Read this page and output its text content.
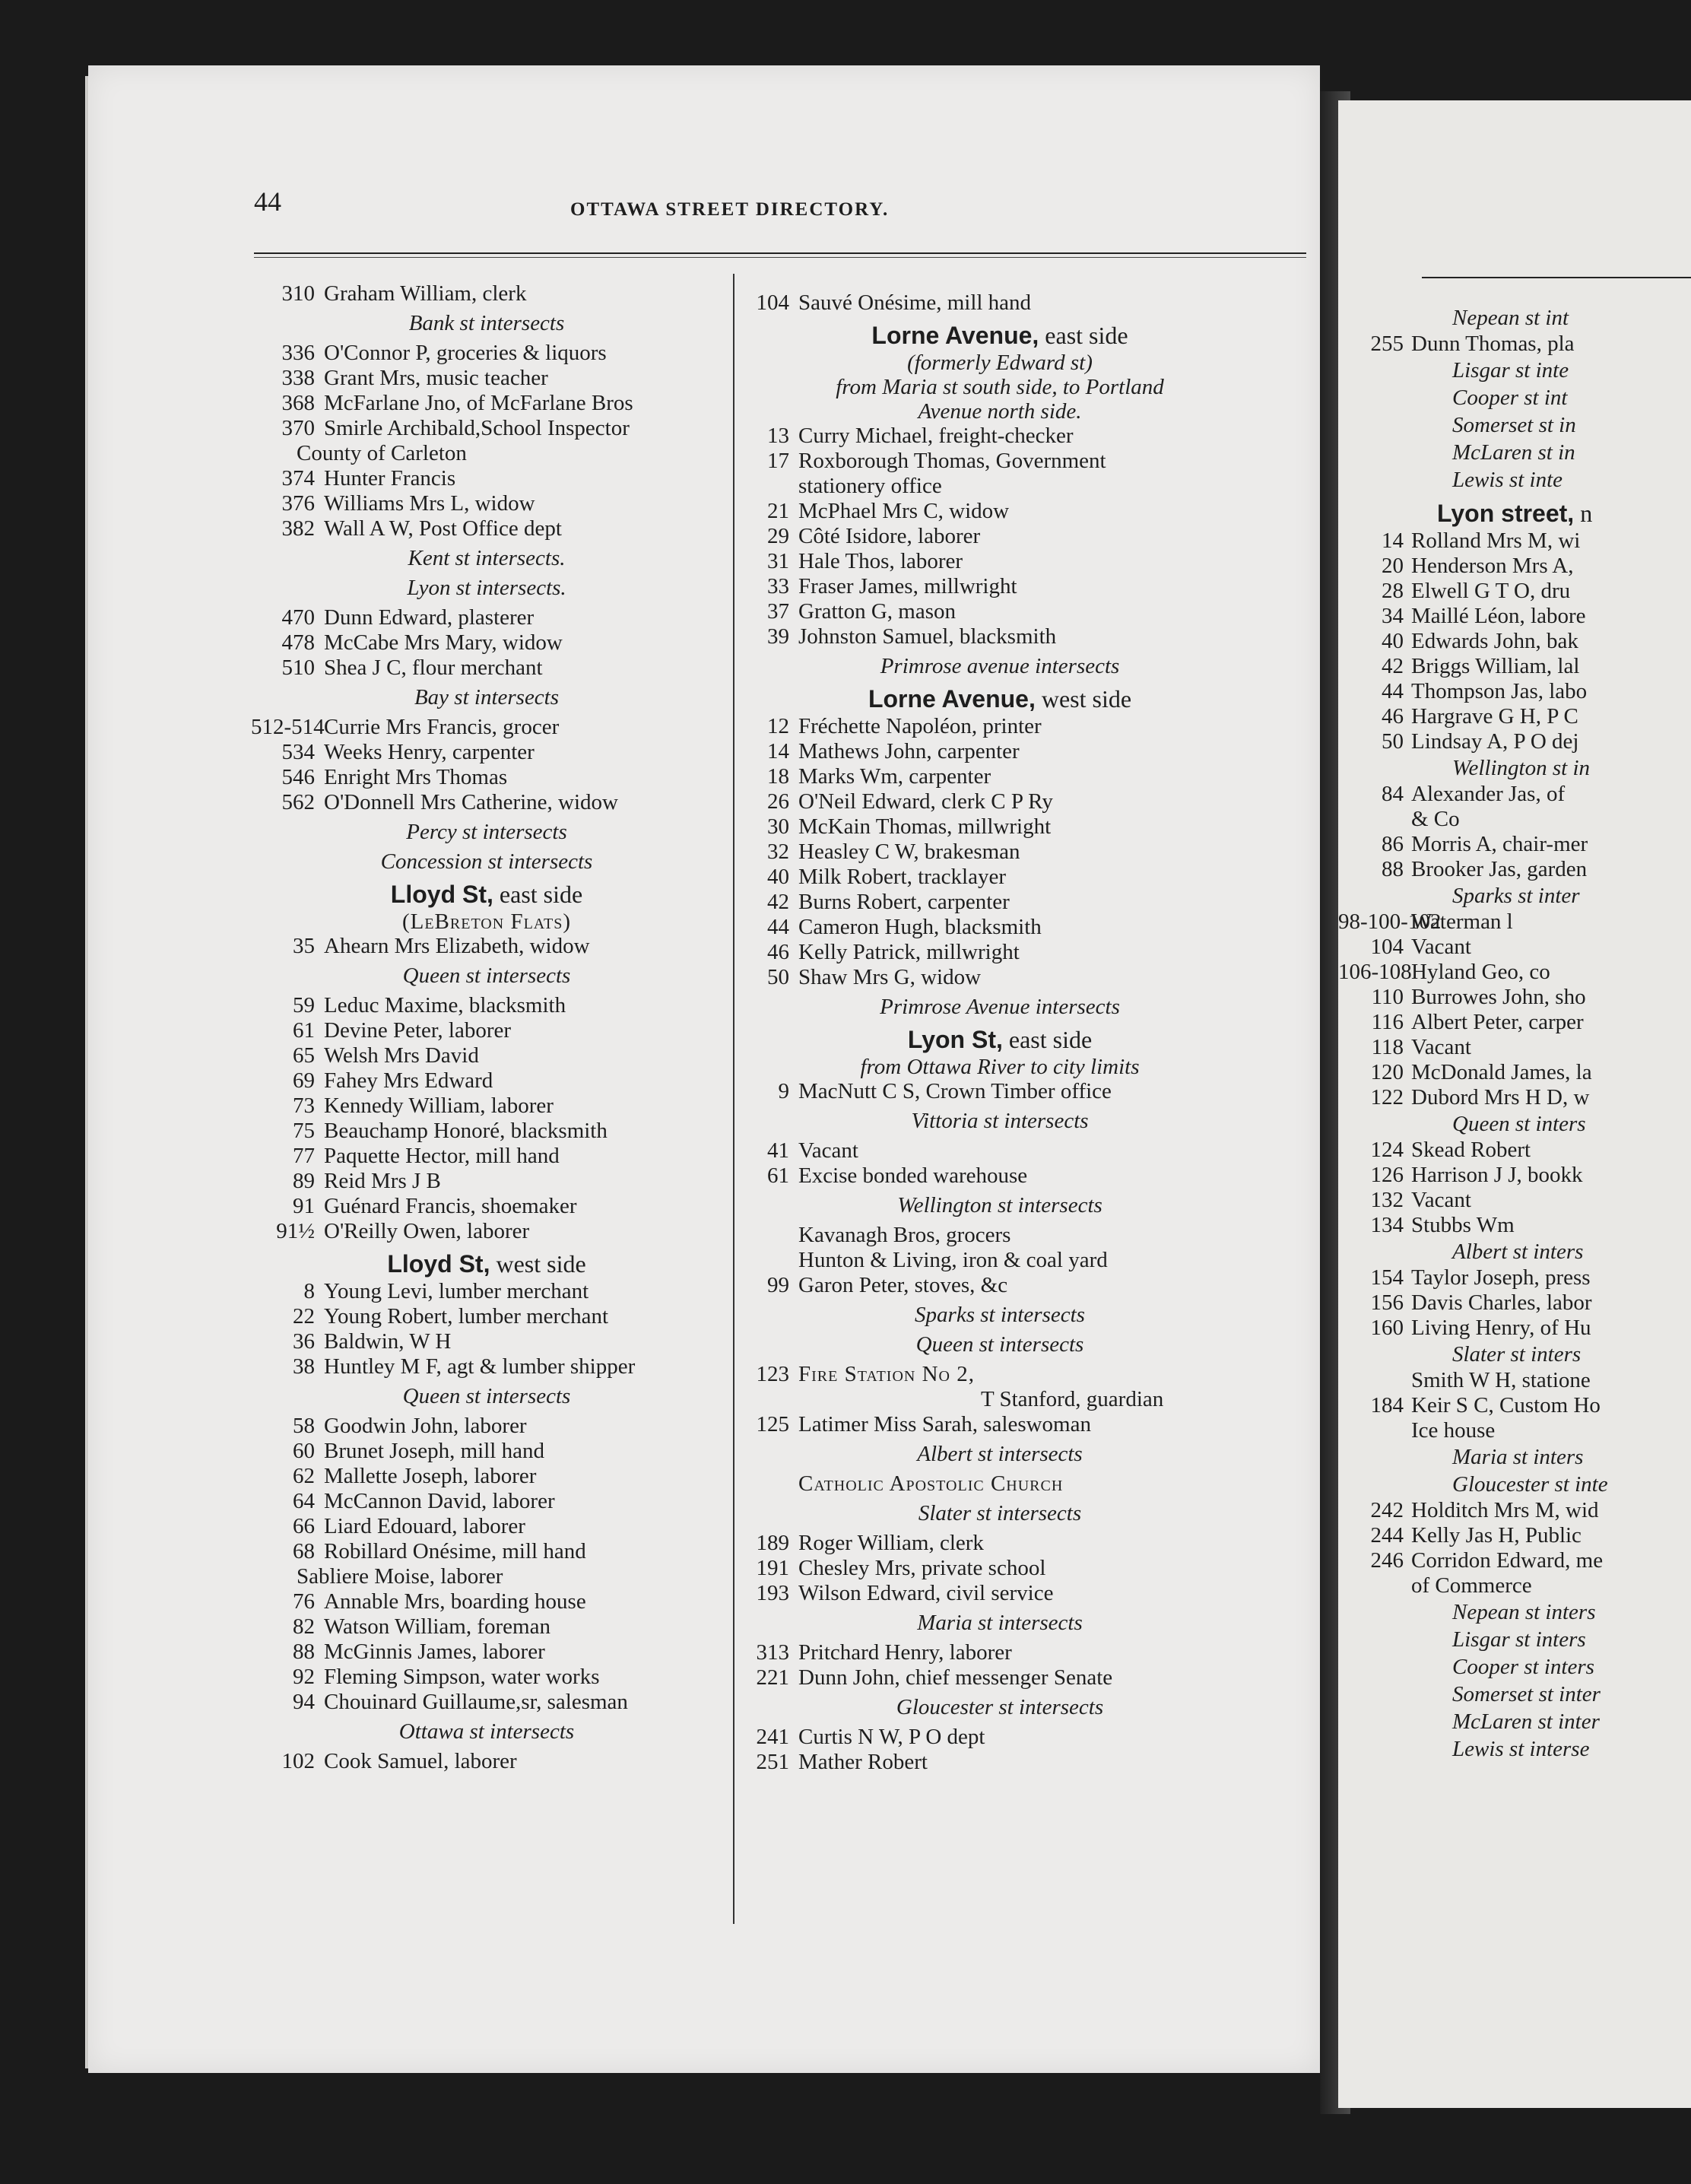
Nepean st int
255 Dunn Thomas, pla
Lisgar st inte
Cooper st int
Somerset st in
McLaren st in
Lewis st inte
Lyon street, n
14 Rolland Mrs M, wi
20 Henderson Mrs A,
28 Elwell G T O, dru
34 Maillé Léon, labore
40 Edwards John, bak
42 Briggs William, lal
44 Thompson Jas, labo
46 Hargrave G H, P C
50 Lindsay A, P O dej
Wellington st in
84 Alexander Jas, of
& Co
86 Morris A, chair-mer
88 Brooker Jas, garden
Sparks st inter
98-100-102Waterman l
104 Vacant
106-108Hyland Geo, co
110 Burrowes John, sho
116 Albert Peter, carper
118 Vacant
120 McDonald James, la
122 Dubord Mrs H D, w
Queen st inters
124 Skead Robert
126 Harrison J J, bookk
132 Vacant
134 Stubbs Wm
Albert st inters
154 Taylor Joseph, press
156 Davis Charles, labor
160 Living Henry, of Hu
Slater st inters
Smith W H, statione
184 Keir S C, Custom Ho
Ice house
Maria st inters
Gloucester st inte
242 Holditch Mrs M, wid
244 Kelly Jas H, Public
246 Corridon Edward, me
of Commerce
Nepean st inters
Lisgar st inters
Cooper st inters
Somerset st inter
McLaren st inter
Lewis st interse
44	OTTAWA STREET DIRECTORY.
310 Graham William, clerk
Bank st intersects
336 O'Connor P, groceries & liquors
338 Grant Mrs, music teacher
368 McFarlane Jno, of McFarlane Bros
370 Smirle Archibald,School Inspector
County of Carleton
374 Hunter Francis
376 Williams Mrs L, widow
382 Wall A W, Post Office dept
Kent st intersects.
Lyon st intersects.
470 Dunn Edward, plasterer
478 McCabe Mrs Mary, widow
510 Shea J C, flour merchant
Bay st intersects
512-514Currie Mrs Francis, grocer
534 Weeks Henry, carpenter
546 Enright Mrs Thomas
562 O'Donnell Mrs Catherine, widow
Percy st intersects
Concession st intersects
Lloyd St, east side
(LeBreton Flats)
35 Ahearn Mrs Elizabeth, widow
Queen st intersects
59 Leduc Maxime, blacksmith
61 Devine Peter, laborer
65 Welsh Mrs David
69 Fahey Mrs Edward
73 Kennedy William, laborer
75 Beauchamp Honoré, blacksmith
77 Paquette Hector, mill hand
89 Reid Mrs J B
91 Guénard Francis, shoemaker
91½ O'Reilly Owen, laborer
Lloyd St, west side
8 Young Levi, lumber merchant
22 Young Robert, lumber merchant
36 Baldwin, W H
38 Huntley M F, agt & lumber shipper
Queen st intersects
58 Goodwin John, laborer
60 Brunet Joseph, mill hand
62 Mallette Joseph, laborer
64 McCannon David, laborer
66 Liard Edouard, laborer
68 Robillard Onésime, mill hand
Sabliere Moise, laborer
76 Annable Mrs, boarding house
82 Watson William, foreman
88 McGinnis James, laborer
92 Fleming Simpson, water works
94 Chouinard Guillaume,sr, salesman
Ottawa st intersects
102 Cook Samuel, laborer
104 Sauvé Onésime, mill hand
Lorne Avenue, east side
(formerly Edward st)
from Maria st south side, to Portland
Avenue north side.
13 Curry Michael, freight-checker
17 Roxborough Thomas, Government
stationery office
21 McPhael Mrs C, widow
29 Côté Isidore, laborer
31 Hale Thos, laborer
33 Fraser James, millwright
37 Gratton G, mason
39 Johnston Samuel, blacksmith
Primrose avenue intersects
Lorne Avenue, west side
12 Fréchette Napoléon, printer
14 Mathews John, carpenter
18 Marks Wm, carpenter
26 O'Neil Edward, clerk C P Ry
30 McKain Thomas, millwright
32 Heasley C W, brakesman
40 Milk Robert, tracklayer
42 Burns Robert, carpenter
44 Cameron Hugh, blacksmith
46 Kelly Patrick, millwright
50 Shaw Mrs G, widow
Primrose Avenue intersects
Lyon St, east side
from Ottawa River to city limits
9 MacNutt C S, Crown Timber office
Vittoria st intersects
41 Vacant
61 Excise bonded warehouse
Wellington st intersects
Kavanagh Bros, grocers
Hunton & Living, iron & coal yard
99 Garon Peter, stoves, &c
Sparks st intersects
Queen st intersects
123 Fire Station No 2,
T Stanford, guardian
125 Latimer Miss Sarah, saleswoman
Albert st intersects
Catholic Apostolic Church
Slater st intersects
189 Roger William, clerk
191 Chesley Mrs, private school
193 Wilson Edward, civil service
Maria st intersects
313 Pritchard Henry, laborer
221 Dunn John, chief messenger Senate
Gloucester st intersects
241 Curtis N W, P O dept
251 Mather Robert
